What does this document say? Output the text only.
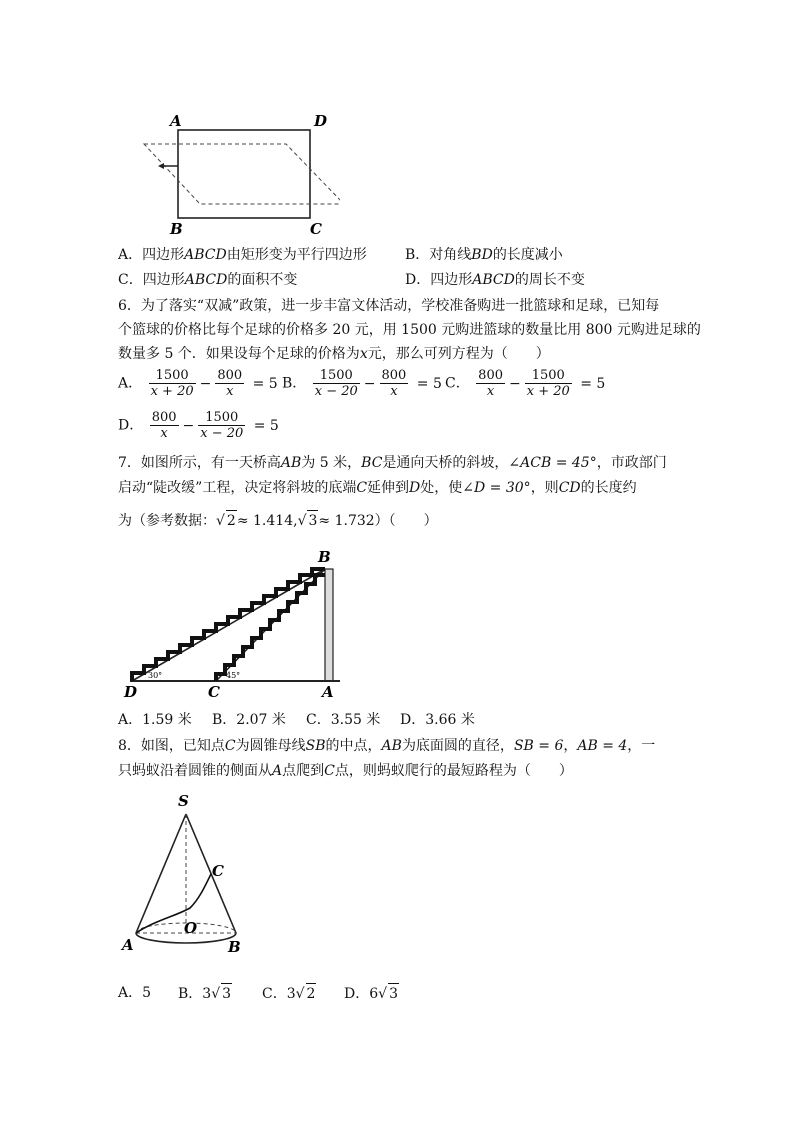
A	D
B	C
A．四边形ABCD由矩形变为平行四边形	B．对角线BD的长度减小
C．四边形ABCD的面积不变	D．四边形ABCD的周长不变
6．为了落实“双减”政策，进一步丰富文体活动，学校准备购进一批篮球和足球，已知每
个篮球的价格比每个足球的价格多 20 元，用 1500 元购进篮球的数量比用 800 元购进足球的
数量多 5 个．如果设每个足球的价格为x元，那么可列方程为（　　）
A． $\frac{1500}{x + 20} - \frac{800}{x} = 5$ B． $\frac{1500}{x - 20} - \frac{800}{x} = 5$ C． $\frac{800}{x} - \frac{1500}{x + 20} = 5$
D． $\frac{800}{x} - \frac{1500}{x - 20} = 5$
7．如图所示，有一天桥高AB为 5 米，BC是通向天桥的斜坡，∠ACB = 45°，市政部门
启动“陡改缓”工程，决定将斜坡的底端C延伸到D处，使∠D = 30°，则CD的长度约
为（参考数据：√ 2≈ 1.414,√ 3≈ 1.732）（　　）
B
D	C	A
30°	45°
A．1.59 米 B．2.07 米 C．3.55 米 D．3.66 米
8．如图，已知点C为圆锥母线SB的中点，AB为底面圆的直径，SB = 6，AB = 4，一
只蚂蚁沿着圆锥的侧面从A点爬到C点，则蚂蚁爬行的最短路程为（　　）
S
C
O
A	B
A．5 B．3√ 3 C．3√ 2 D．6√ 3
